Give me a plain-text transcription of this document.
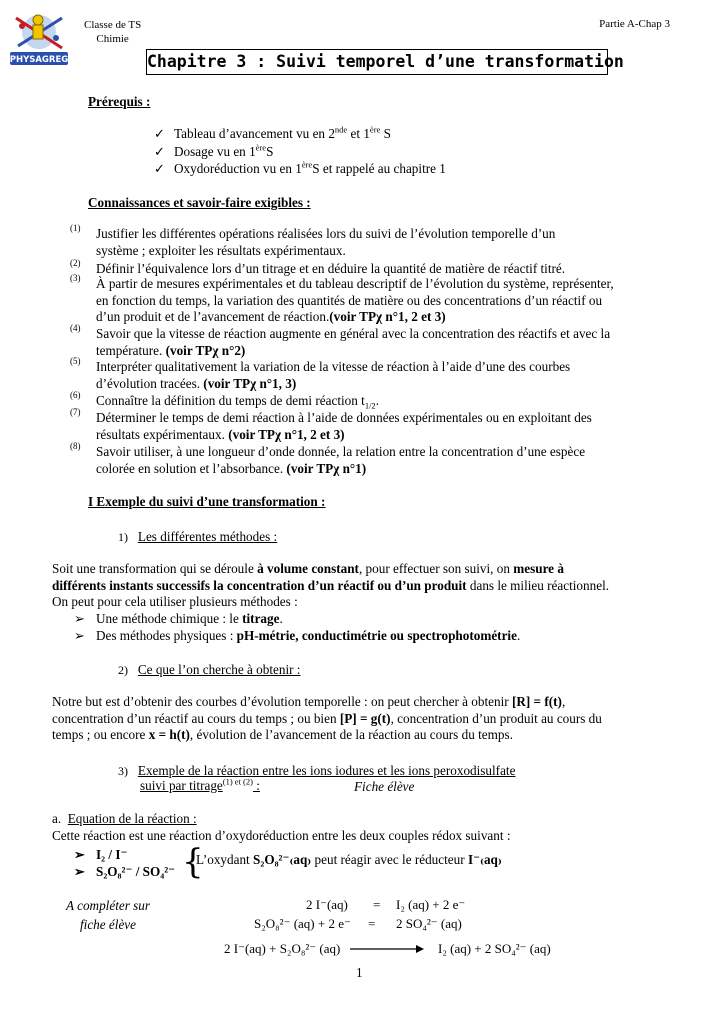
PHYSAGREG
Classe de TS
Chimie
Partie A-Chap 3
Chapitre 3 : Suivi temporel d’une transformation
Prérequis :
✓ Tableau d’avancement vu en 2nde et 1ère S
✓ Dosage vu en 1èreS
✓ Oxydoréduction vu en 1èreS et rappelé au chapitre 1
Connaissances et savoir-faire exigibles :
(1) Justifier les différentes opérations réalisées lors du suivi de l’évolution temporelle d’un
système ; exploiter les résultats expérimentaux.
(2) Définir l’équivalence lors d’un titrage et en déduire la quantité de matière de réactif titré.
(3) À partir de mesures expérimentales et du tableau descriptif de l’évolution du système, représenter,
en fonction du temps, la variation des quantités de matière ou des concentrations d’un réactif ou
d’un produit et de l’avancement de réaction.(voir TPχ n°1, 2 et 3)
(4) Savoir que la vitesse de réaction augmente en général avec la concentration des réactifs et avec la
température. (voir TPχ n°2)
(5) Interpréter qualitativement la variation de la vitesse de réaction à l’aide d’une des courbes
d’évolution tracées. (voir TPχ n°1, 3)
(6) Connaître la définition du temps de demi réaction $t_{1/2}$.
(7) Déterminer le temps de demi réaction à l’aide de données expérimentales ou en exploitant des
résultats expérimentaux. (voir TPχ n°1, 2 et 3)
(8) Savoir utiliser, à une longueur d’onde donnée, la relation entre la concentration d’une espèce
colorée en solution et l’absorbance. (voir TPχ n°1)
I Exemple du suivi d’une transformation :
1) Les différentes méthodes :
Soit une transformation qui se déroule à volume constant, pour effectuer son suivi, on mesure à
différents instants successifs la concentration d’un réactif ou d’un produit dans le milieu réactionnel.
On peut pour cela utiliser plusieurs méthodes :
➢ Une méthode chimique : le titrage.
➢ Des méthodes physiques : pH-métrie, conductimétrie ou spectrophotométrie.
2) Ce que l’on cherche à obtenir :
Notre but est d’obtenir des courbes d’évolution temporelle : on peut chercher à obtenir [R] = f(t),
concentration d’un réactif au cours du temps ; ou bien [P] = g(t), concentration d’un produit au cours du
temps ; ou encore x = h(t), évolution de l’avancement de la réaction au cours du temps.
3) Exemple de la réaction entre les ions iodures et les ions peroxodisulfate
suivi par titrage$^{(1) et (2)}$ :	Fiche élève
a. Equation de la réaction :
Cette réaction est une réaction d’oxydoréduction entre les deux couples rédox suivant :
➢ I₂ / I⁻
➢ S₂O₈²⁻ / SO₄²⁻ {
L’oxydant S₂O₈²⁻₍aq₎ peut réagir avec le réducteur I⁻₍aq₎
A compléter sur
fiche élève
2 I⁻(aq) = I₂ (aq) + 2 e⁻
S₂O₈²⁻ (aq) + 2 e⁻ = 2 SO₄²⁻ (aq)
2 I⁻(aq) + S₂O₈²⁻ (aq)	I₂ (aq) + 2 SO₄²⁻ (aq)
1
